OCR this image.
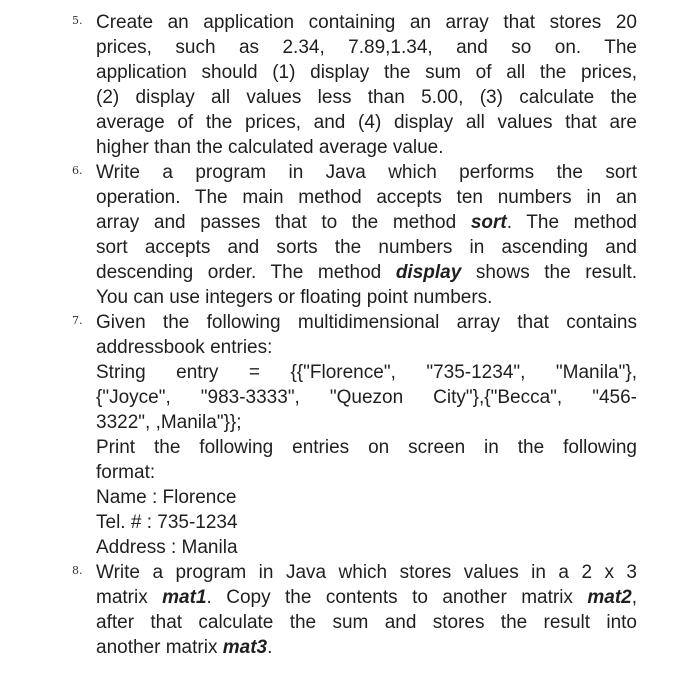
5. Create an application containing an array that stores 20
prices, such as 2.34, 7.89,1.34, and so on. The
application should (1) display the sum of all the prices,
(2) display all values less than 5.00, (3) calculate the
average of the prices, and (4) display all values that are
higher than the calculated average value.
6. Write a program in Java which performs the sort
operation. The main method accepts ten numbers in an
array and passes that to the method sort. The method
sort accepts and sorts the numbers in ascending and
descending order. The method display shows the result.
You can use integers or floating point numbers.
7. Given the following multidimensional array that contains
addressbook entries:
String entry = {{"Florence", "735-1234", "Manila"},
{"Joyce", "983-3333", "Quezon City"},{"Becca", "456-
3322", ,Manila"}};
Print the following entries on screen in the following
format:
Name : Florence
Tel. # : 735-1234
Address : Manila
8. Write a program in Java which stores values in a 2 x 3
matrix mat1. Copy the contents to another matrix mat2,
after that calculate the sum and stores the result into
another matrix mat3.
